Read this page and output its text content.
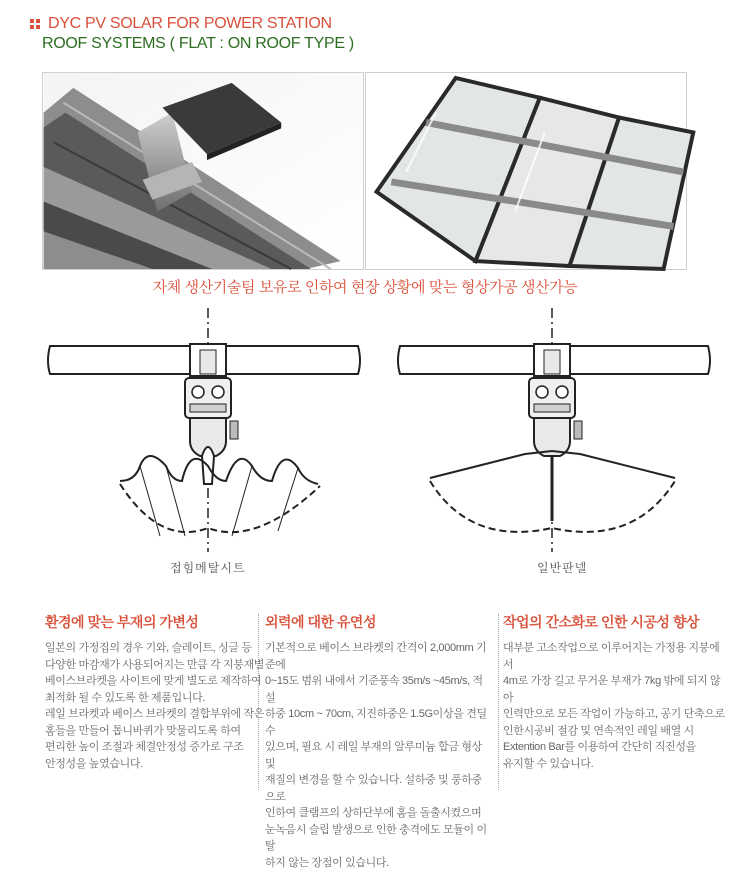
DYC PV SOLAR FOR POWER STATION
ROOF SYSTEMS ( FLAT : ON ROOF TYPE )
자체 생산기술팀 보유로 인하여 현장 상황에 맞는 형상가공 생산가능
접힘메탈시트	일반판넬
환경에 맞는 부재의 가변성
일본의 가정집의 경우 기와, 슬레이트, 싱글 등
다양한 마감재가 사용되어지는 만큼 각 지붕재별
베이스브라켓을 사이트에 맞게 별도로 제작하여
최적화 될 수 있도록 한 제품입니다.
레일 브라켓과 베이스 브라켓의 결합부위에 작은
홈들을 만들어 톱니바퀴가 맞물리도록 하여
편리한 높이 조절과 체결안정성 증가로 구조
안정성을 높였습니다.
외력에 대한 유연성
기본적으로 베이스 브라켓의 간격이 2,000mm 기준에
0~15도 범위 내에서 기준풍속 35m/s ~45m/s, 적설
하중 10cm ~ 70cm, 지진하중은 1.5G이상을 견딜 수
있으며, 필요 시 레일 부재의 알루미늄 합금 형상 및
재질의 변경을 할 수 있습니다. 설하중 및 풍하중으로
인하여 클램프의 상하단부에 홈을 돌출시켰으며
눈녹음시 슬립 발생으로 인한 충격에도 모듈이 이탈
하지 않는 장점이 있습니다.
작업의 간소화로 인한 시공성 향상
대부분 고소작업으로 이루어지는 가정용 지붕에서
4m로 가장 길고 무거운 부재가 7kg 밖에 되지 않아
인력만으로 모든 작업이 가능하고, 공기 단축으로
인한시공비 절감 및 연속적인 레일 배열 시
Extention Bar를 이용하여 간단히 직진성을
유지할 수 있습니다.
